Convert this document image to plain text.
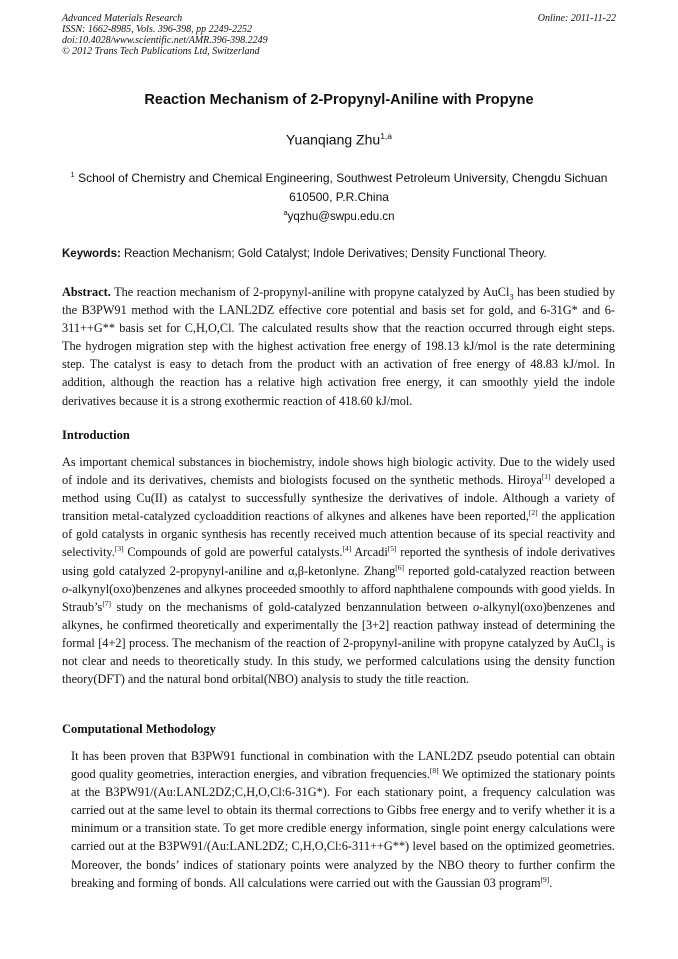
Advanced Materials Research
ISSN: 1662-8985, Vols. 396-398, pp 2249-2252
doi:10.4028/www.scientific.net/AMR.396-398.2249
© 2012 Trans Tech Publications Ltd, Switzerland
Online: 2011-11-22
Reaction Mechanism of 2-Propynyl-Aniline with Propyne
Yuanqiang Zhu$^{1,a}$
$^1$ School of Chemistry and Chemical Engineering, Southwest Petroleum University, Chengdu Sichuan
610500, P.R.China
$^a$yqzhu@swpu.edu.cn
Keywords: Reaction Mechanism; Gold Catalyst; Indole Derivatives; Density Functional Theory.
Abstract. The reaction mechanism of 2-propynyl-aniline with propyne catalyzed by AuCl$_3$ has been studied by the B3PW91 method with the LANL2DZ effective core potential and basis set for gold, and 6-31G* and 6-311++G** basis set for C,H,O,Cl. The calculated results show that the reaction occurred through eight steps. The hydrogen migration step with the highest activation free energy of 198.13 kJ/mol is the rate determining step. The catalyst is easy to detach from the product with an activation of free energy of 48.83 kJ/mol. In addition, although the reaction has a relative high activation free energy, it can smoothly yield the indole derivatives because it is a strong exothermic reaction of 418.60 kJ/mol.
Introduction
As important chemical substances in biochemistry, indole shows high biologic activity. Due to the widely used of indole and its derivatives, chemists and biologists focused on the synthetic methods. Hiroya[1] developed a method using Cu(II) as catalyst to successfully synthesize the derivatives of indole. Although a variety of transition metal-catalyzed cycloaddition reactions of alkynes and alkenes have been reported,[2] the application of gold catalysts in organic synthesis has recently received much attention because of its special reactivity and selectivity.[3] Compounds of gold are powerful catalysts.[4] Arcadi[5] reported the synthesis of indole derivatives using gold catalyzed 2-propynyl-aniline and α,β-ketonlyne. Zhang[6] reported gold-catalyzed reaction between o-alkynyl(oxo)benzenes and alkynes proceeded smoothly to afford naphthalene compounds with good yields. In Straub’s[7] study on the mechanisms of gold-catalyzed benzannulation between o-alkynyl(oxo)benzenes and alkynes, he confirmed theoretically and experimentally the [3+2] reaction pathway instead of determining the formal [4+2] process. The mechanism of the reaction of 2-propynyl-aniline with propyne catalyzed by AuCl$_3$ is not clear and needs to theoretically study. In this study, we performed calculations using the density function theory(DFT) and the natural bond orbital(NBO) analysis to study the title reaction.
Computational Methodology
It has been proven that B3PW91 functional in combination with the LANL2DZ pseudo potential can obtain good quality geometries, interaction energies, and vibration frequencies.[8] We optimized the stationary points at the B3PW91/(Au:LANL2DZ;C,H,O,Cl:6-31G*). For each stationary point, a frequency calculation was carried out at the same level to obtain its thermal corrections to Gibbs free energy and to verify whether it is a minimum or a transition state. To get more credible energy information, single point energy calculations were carried out at the B3PW91/(Au:LANL2DZ; C,H,O,Cl:6-311++G**) level based on the optimized geometries. Moreover, the bonds’ indices of stationary points were analyzed by the NBO theory to further confirm the breaking and forming of bonds. All calculations were carried out with the Gaussian 03 program[9].
